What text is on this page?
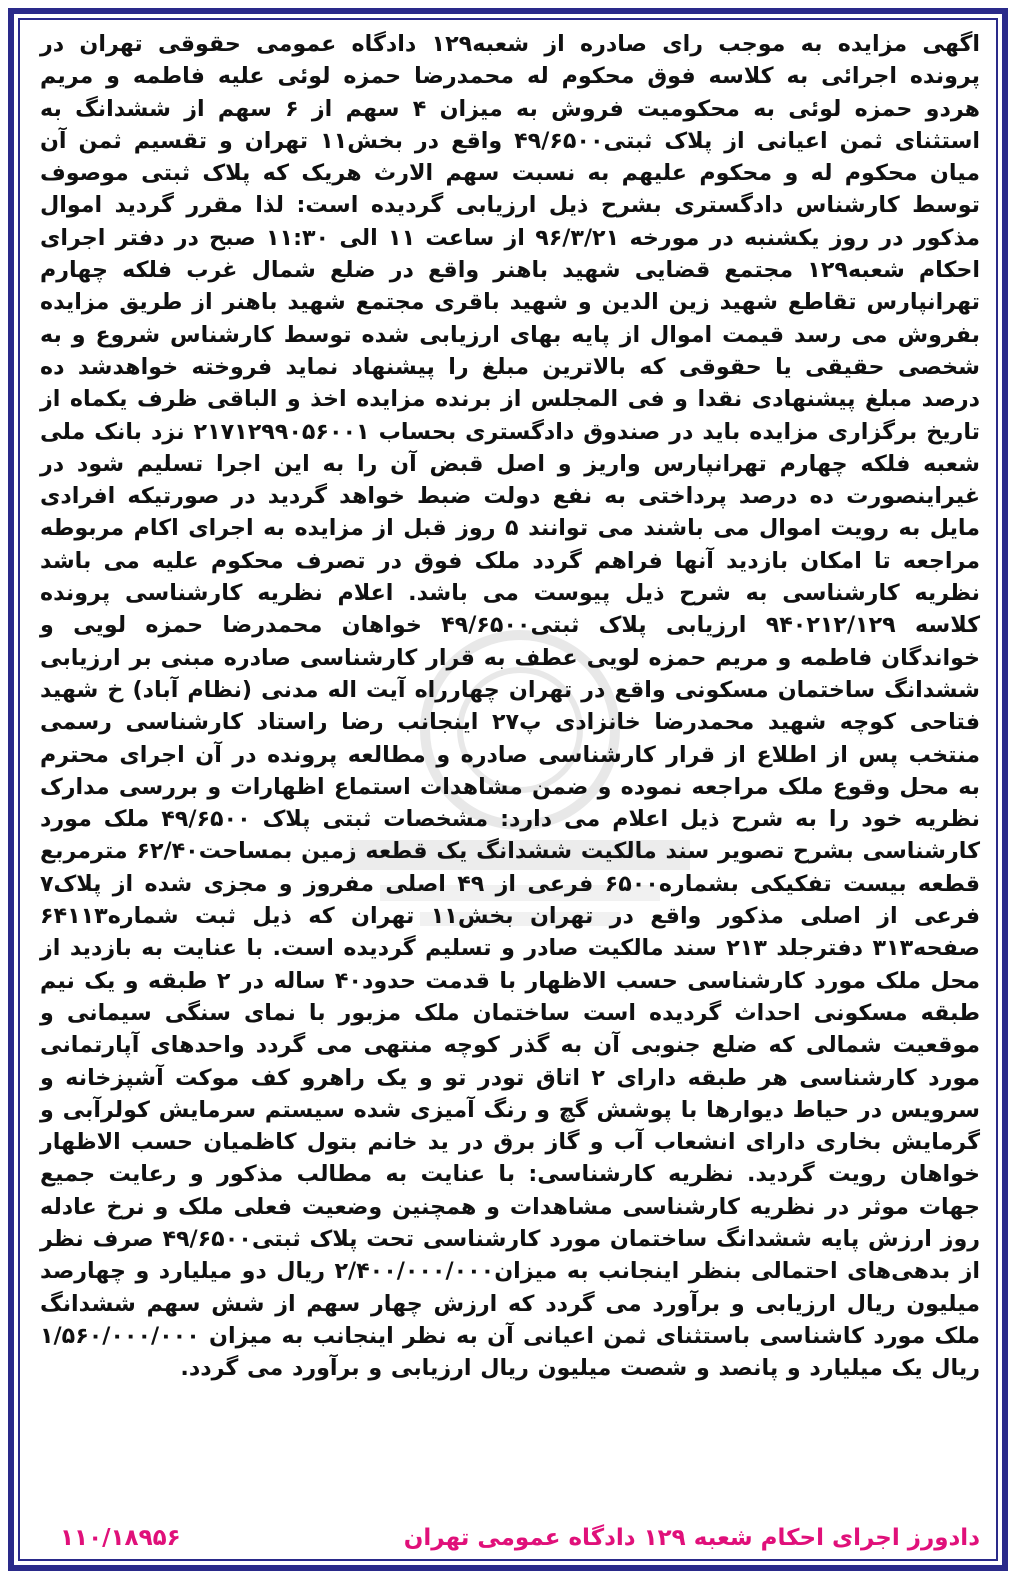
اگهی مزایده به موجب رای صادره از شعبه۱۲۹ دادگاه عمومی حقوقی تهران در پرونده اجرائی به کلاسه فوق محکوم له محمدرضا حمزه لوئی علیه فاطمه و مریم هردو حمزه لوئی به محکومیت فروش به میزان ۴ سهم از ۶ سهم از ششدانگ به استثنای ثمن اعیانی از پلاک ثبتی۴۹/۶۵۰۰ واقع در بخش۱۱ تهران و تقسیم ثمن آن میان محکوم له و محکوم علیهم به نسبت سهم الارث هریک که پلاک ثبتی موصوف توسط کارشناس دادگستری بشرح ذیل ارزیابی گردیده است: لذا مقرر گردید اموال مذکور در روز یکشنبه در مورخه ۹۶/۳/۲۱ از ساعت ۱۱ الی ۱۱:۳۰ صبح در دفتر اجرای احکام شعبه۱۲۹ مجتمع قضایی شهید باهنر واقع در ضلع شمال غرب فلکه چهارم تهرانپارس تقاطع شهید زین الدین و شهید باقری مجتمع شهید باهنر از طریق مزایده بفروش می رسد قیمت اموال از پایه بهای ارزیابی شده توسط کارشناس شروع و به شخصی حقیقی یا حقوقی که بالاترین مبلغ را پیشنهاد نماید فروخته خواهدشد ده درصد مبلغ پیشنهادی نقدا و فی المجلس از برنده مزایده اخذ و الباقی ظرف یکماه از تاریخ برگزاری مزایده باید در صندوق دادگستری بحساب ۲۱۷۱۲۹۹۰۵۶۰۰۱ نزد بانک ملی شعبه فلکه چهارم تهرانپارس واریز و اصل قبض آن را به این اجرا تسلیم شود در غیراینصورت ده درصد پرداختی به نفع دولت ضبط خواهد گردید در صورتیکه افرادی مایل به رویت اموال می باشند می توانند ۵ روز قبل از مزایده به اجرای اکام مربوطه مراجعه تا امکان بازدید آنها فراهم گردد ملک فوق در تصرف محکوم علیه می باشد نظریه کارشناسی به شرح ذیل پیوست می باشد. اعلام نظریه کارشناسی پرونده کلاسه ۹۴۰۲۱۲/۱۲۹ ارزیابی پلاک ثبتی۴۹/۶۵۰۰ خواهان محمدرضا حمزه لویی و خواندگان فاطمه و مریم حمزه لویی عطف به قرار کارشناسی صادره مبنی بر ارزیابی ششدانگ ساختمان مسکونی واقع در تهران چهارراه آیت اله مدنی (نظام آباد) خ شهید فتاحی کوچه شهید محمدرضا خانزادی پ۲۷ اینجانب رضا راستاد کارشناسی رسمی منتخب پس از اطلاع از قرار کارشناسی صادره و مطالعه پرونده در آن اجرای محترم به محل وقوع ملک مراجعه نموده و ضمن مشاهدات استماع اظهارات و بررسی مدارک نظریه خود را به شرح ذیل اعلام می دارد: مشخصات ثبتی پلاک ۴۹/۶۵۰۰ ملک مورد کارشناسی بشرح تصویر سند مالکیت ششدانگ یک قطعه زمین بمساحت۶۲/۴۰ مترمربع قطعه بیست تفکیکی بشماره۶۵۰۰ فرعی از ۴۹ اصلی مفروز و مجزی شده از پلاک۷ فرعی از اصلی مذکور واقع در تهران بخش۱۱ تهران که ذیل ثبت شماره۶۴۱۱۳ صفحه۳۱۳ دفترجلد ۲۱۳ سند مالکیت صادر و تسلیم گردیده است. با عنایت به بازدید از محل ملک مورد کارشناسی حسب الاظهار با قدمت حدود۴۰ ساله در ۲ طبقه و یک نیم طبقه مسکونی احداث گردیده است ساختمان ملک مزبور با نمای سنگی سیمانی و موقعیت شمالی که ضلع جنوبی آن به گذر کوچه منتهی می گردد واحدهای آپارتمانی مورد کارشناسی هر طبقه دارای ۲ اتاق تودر تو و یک راهرو کف موکت آشپزخانه و سرویس در حیاط دیوارها با پوشش گچ و رنگ آمیزی شده سیستم سرمایش کولرآبی و گرمایش بخاری دارای انشعاب آب و گاز برق در ید خانم بتول کاظمیان حسب الاظهار خواهان رویت گردید. نظریه کارشناسی: با عنایت به مطالب مذکور و رعایت جمیع جهات موثر در نظریه کارشناسی مشاهدات و همچنین وضعیت فعلی ملک و نرخ عادله روز ارزش پایه ششدانگ ساختمان مورد کارشناسی تحت پلاک ثبتی۴۹/۶۵۰۰ صرف نظر از بدهی‌های احتمالی بنظر اینجانب به میزان۲/۴۰۰/۰۰۰/۰۰۰ ریال دو میلیارد و چهارصد میلیون ریال ارزیابی و برآورد می گردد که ارزش چهار سهم از شش سهم ششدانگ ملک مورد کاشناسی باستثنای ثمن اعیانی آن به نظر اینجانب به میزان ۱/۵۶۰/۰۰۰/۰۰۰ ریال یک میلیارد و پانصد و شصت میلیون ریال ارزیابی و برآورد می گردد.

دادورز اجرای احکام شعبه ۱۲۹ دادگاه عمومی تهران
۱۱۰/۱۸۹۵۶
